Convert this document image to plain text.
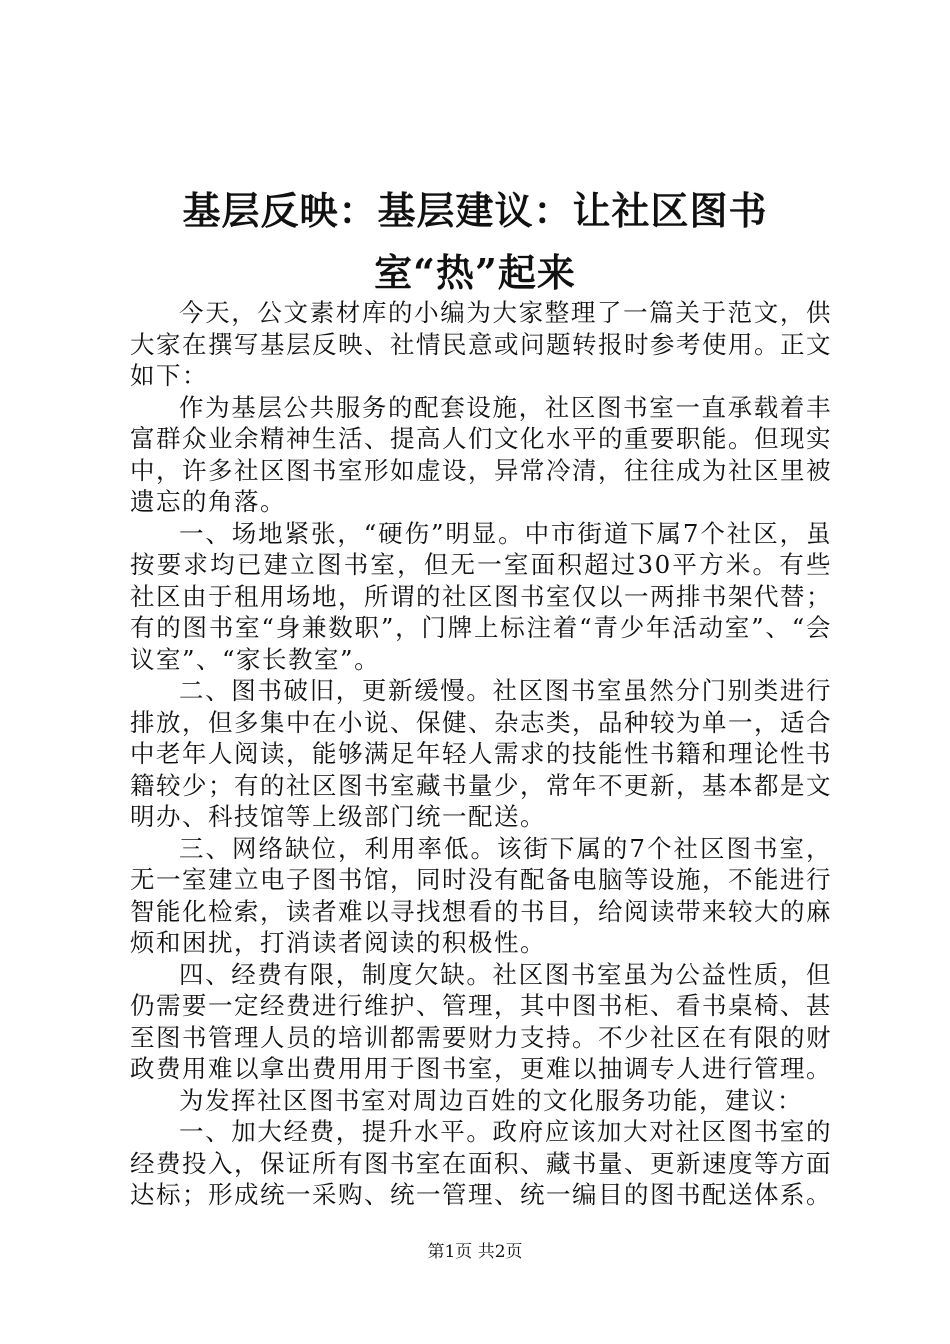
基层反映：基层建议：让社区图书室“热”起来

今天，公文素材库的小编为大家整理了一篇关于范文，供大家在撰写基层反映、社情民意或问题转报时参考使用。正文如下：

作为基层公共服务的配套设施，社区图书室一直承载着丰富群众业余精神生活、提高人们文化水平的重要职能。但现实中，许多社区图书室形如虚设，异常冷清，往往成为社区里被遗忘的角落。

一、场地紧张，“硬伤”明显。中市街道下属7个社区，虽按要求均已建立图书室，但无一室面积超过30平方米。有些社区由于租用场地，所谓的社区图书室仅以一两排书架代替；有的图书室“身兼数职”，门牌上标注着“青少年活动室”、“会议室”、“家长教室”。

二、图书破旧，更新缓慢。社区图书室虽然分门别类进行排放，但多集中在小说、保健、杂志类，品种较为单一，适合中老年人阅读，能够满足年轻人需求的技能性书籍和理论性书籍较少；有的社区图书室藏书量少，常年不更新，基本都是文明办、科技馆等上级部门统一配送。

三、网络缺位，利用率低。该街下属的7个社区图书室，无一室建立电子图书馆，同时没有配备电脑等设施，不能进行智能化检索，读者难以寻找想看的书目，给阅读带来较大的麻烦和困扰，打消读者阅读的积极性。

四、经费有限，制度欠缺。社区图书室虽为公益性质，但仍需要一定经费进行维护、管理，其中图书柜、看书桌椅、甚至图书管理人员的培训都需要财力支持。不少社区在有限的财政费用难以拿出费用用于图书室，更难以抽调专人进行管理。

为发挥社区图书室对周边百姓的文化服务功能，建议：

一、加大经费，提升水平。政府应该加大对社区图书室的经费投入，保证所有图书室在面积、藏书量、更新速度等方面达标；形成统一采购、统一管理、统一编目的图书配送体系。

第1页 共2页
